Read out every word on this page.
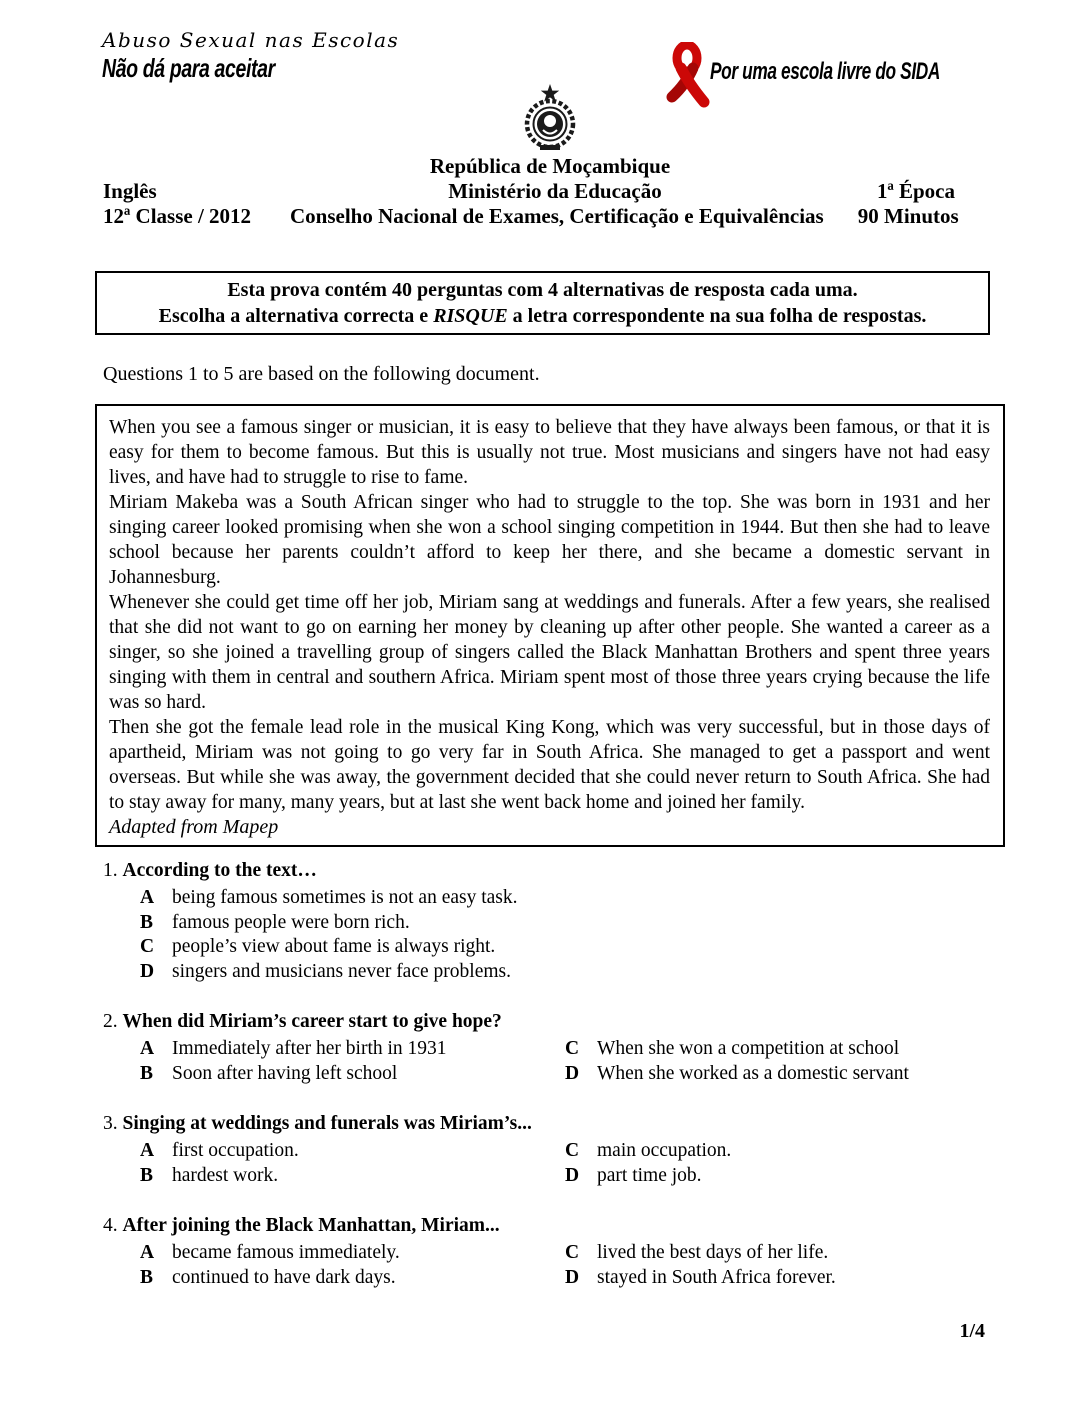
Abuso Sexual nas Escolas
Não dá para aceitar	Por uma escola livre do SIDA
República de Moçambique
Inglês	Ministério da Educação	1ª Época
12ª Classe / 2012	Conselho Nacional de Exames, Certificação e Equivalências	90 Minutos
Esta prova contém 40 perguntas com 4 alternativas de resposta cada uma.
Escolha a alternativa correcta e RISQUE a letra correspondente na sua folha de respostas.

Questions 1 to 5 are based on the following document.

When you see a famous singer or musician, it is easy to believe that they have always been famous, or that it is easy for them to become famous. But this is usually not true. Most musicians and singers have not had easy lives, and have had to struggle to rise to fame.

Miriam Makeba was a South African singer who had to struggle to the top. She was born in 1931 and her singing career looked promising when she won a school singing competition in 1944. But then she had to leave school because her parents couldn’t afford to keep her there, and she became a domestic servant in Johannesburg.

Whenever she could get time off her job, Miriam sang at weddings and funerals. After a few years, she realised that she did not want to go on earning her money by cleaning up after other people. She wanted a career as a singer, so she joined a travelling group of singers called the Black Manhattan Brothers and spent three years singing with them in central and southern Africa. Miriam spent most of those three years crying because the life was so hard.

Then she got the female lead role in the musical King Kong, which was very successful, but in those days of apartheid, Miriam was not going to go very far in South Africa. She managed to get a passport and went overseas. But while she was away, the government decided that she could never return to South Africa. She had to stay away for many, many years, but at last she went back home and joined her family.

Adapted from Mapep

1. According to the text…

A being famous sometimes is not an easy task.
B famous people were born rich.
C people’s view about fame is always right.
D singers and musicians never face problems.

2. When did Miriam’s career start to give hope?

A Immediately after her birth in 1931	C When she won a competition at school
B Soon after having left school	D When she worked as a domestic servant

3. Singing at weddings and funerals was Miriam’s...

A first occupation.	C main occupation.
B hardest work.	D part time job.

4. After joining the Black Manhattan, Miriam...

A became famous immediately.	C lived the best days of her life.
B continued to have dark days.	D stayed in South Africa forever.
1/4
